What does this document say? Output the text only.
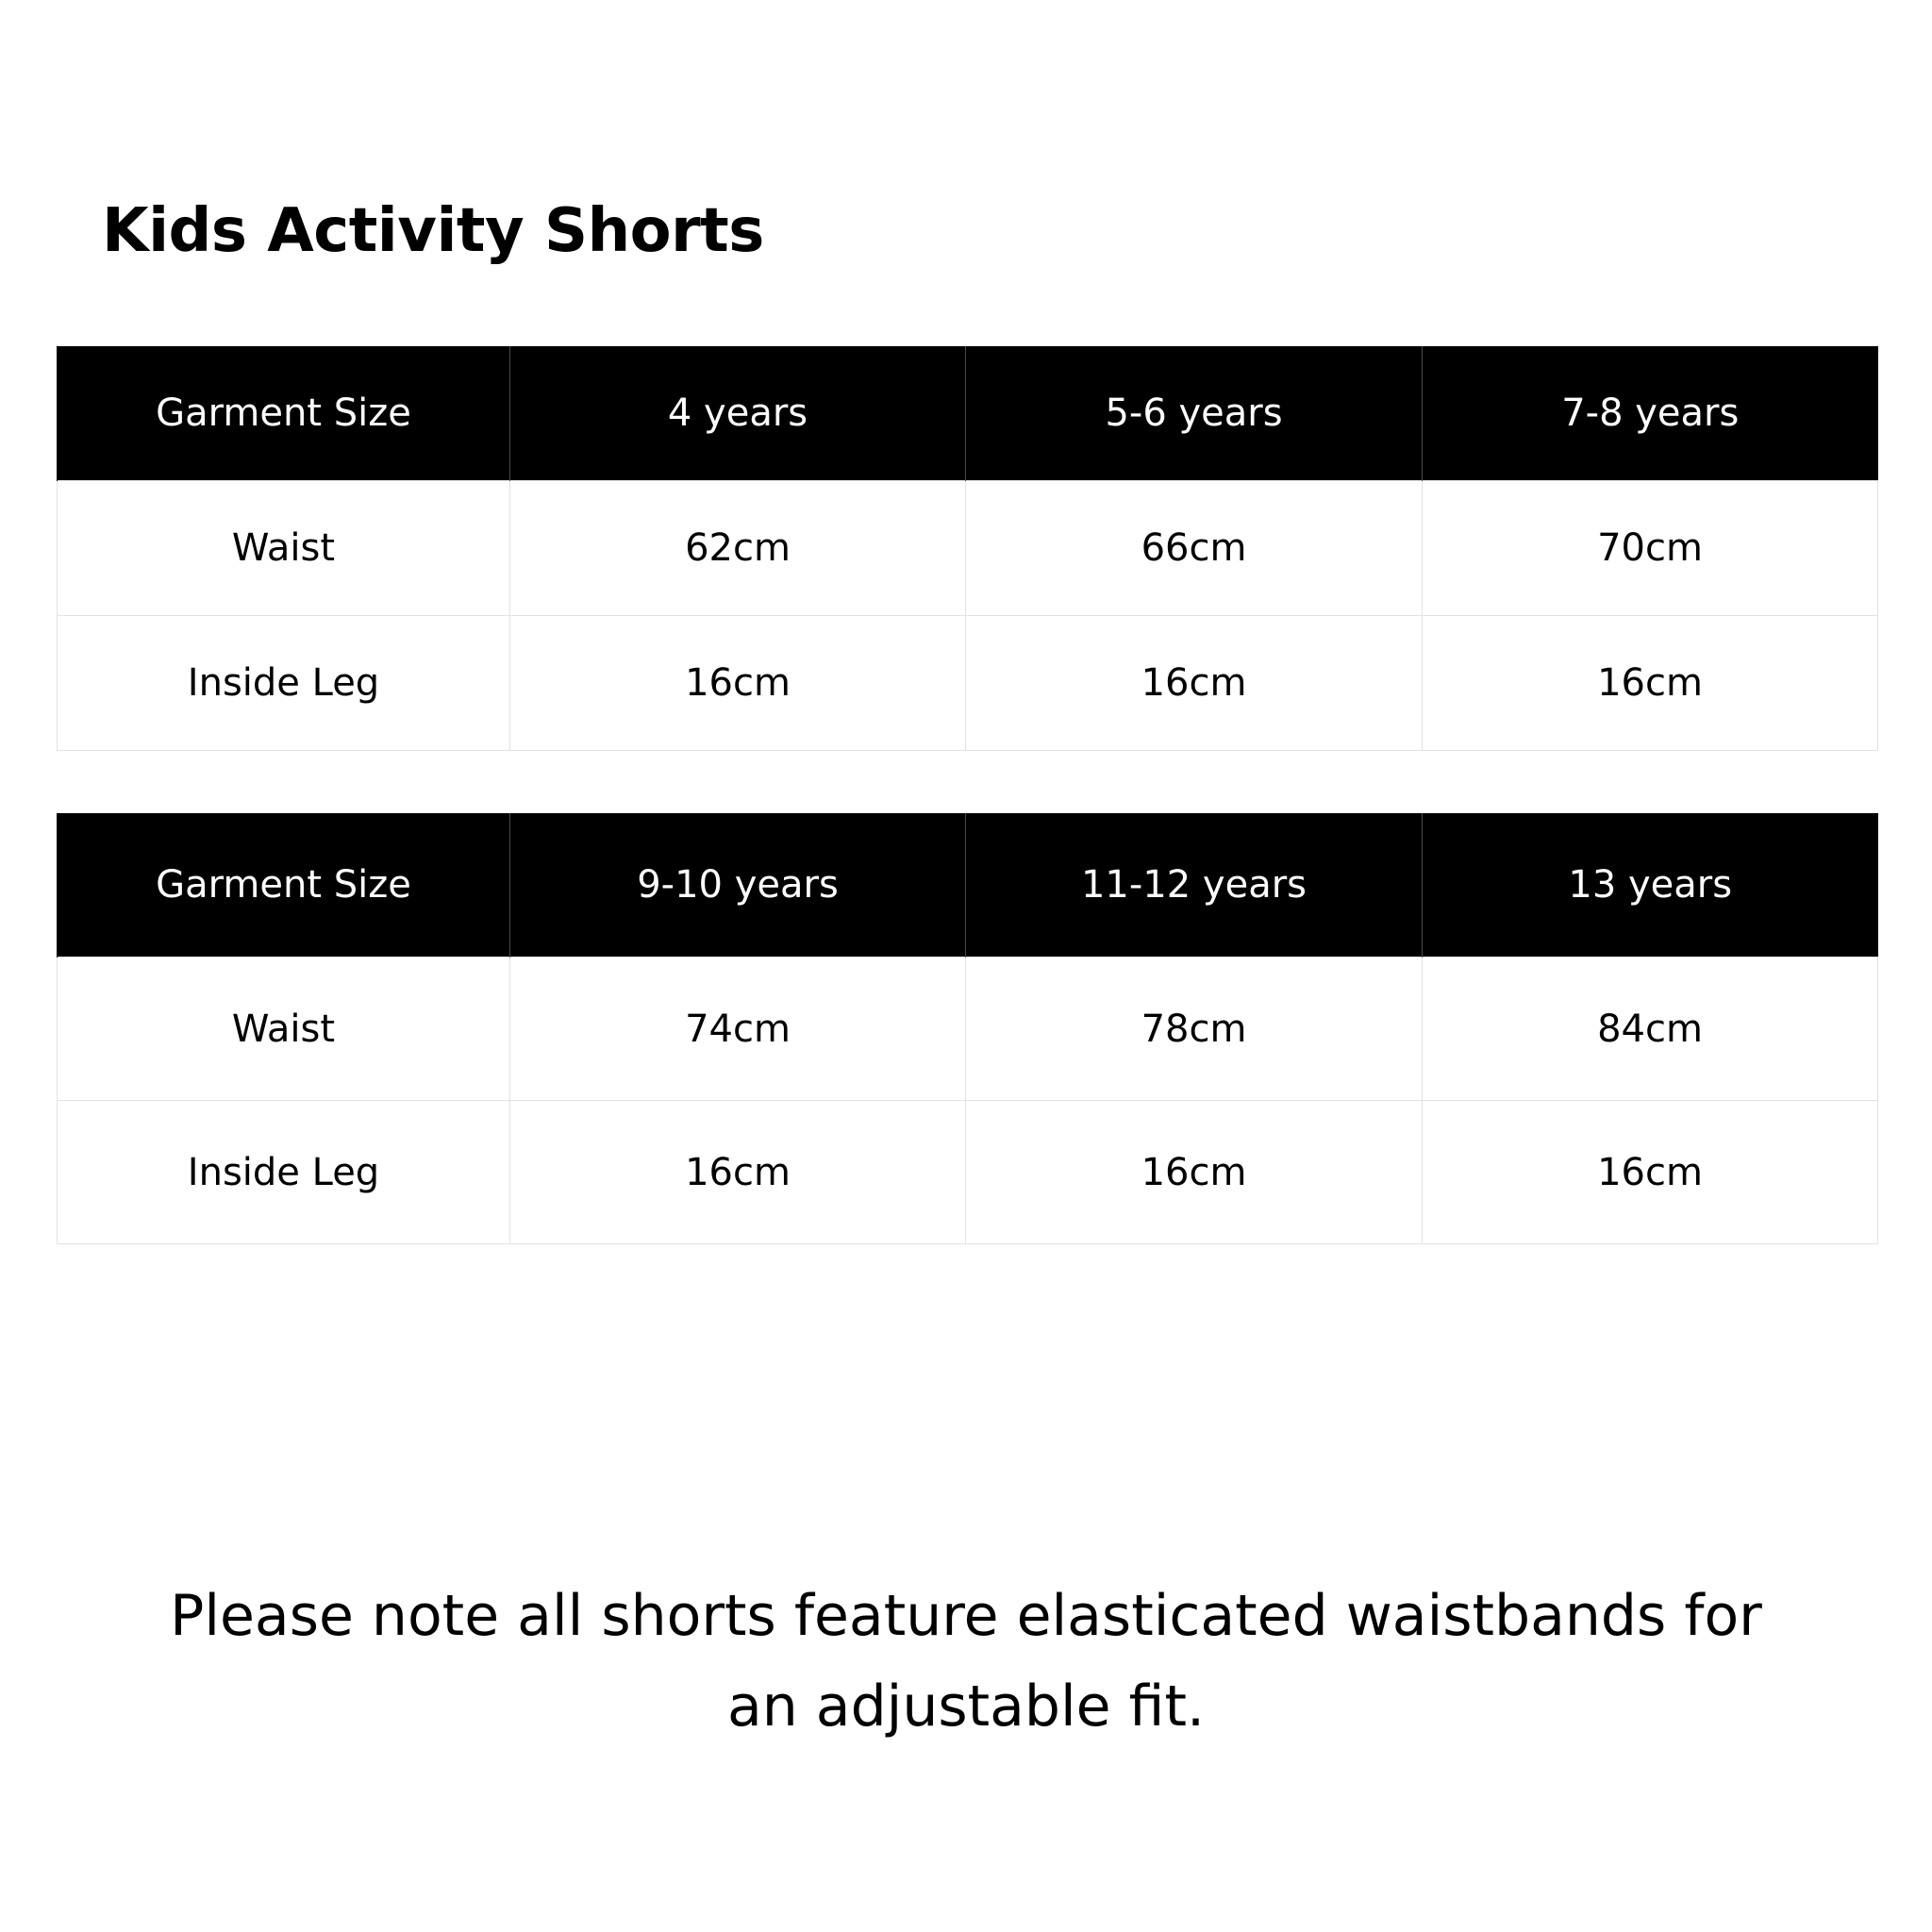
Kids Activity Shorts
Garment Size	4 years	5-6 years	7-8 years
Waist	62cm	66cm	70cm
Inside Leg	16cm	16cm	16cm
Garment Size	9-10 years	11-12 years	13 years
Waist	74cm	78cm	84cm
Inside Leg	16cm	16cm	16cm

Please note all shorts feature elasticated waistbands for
an adjustable fit.
